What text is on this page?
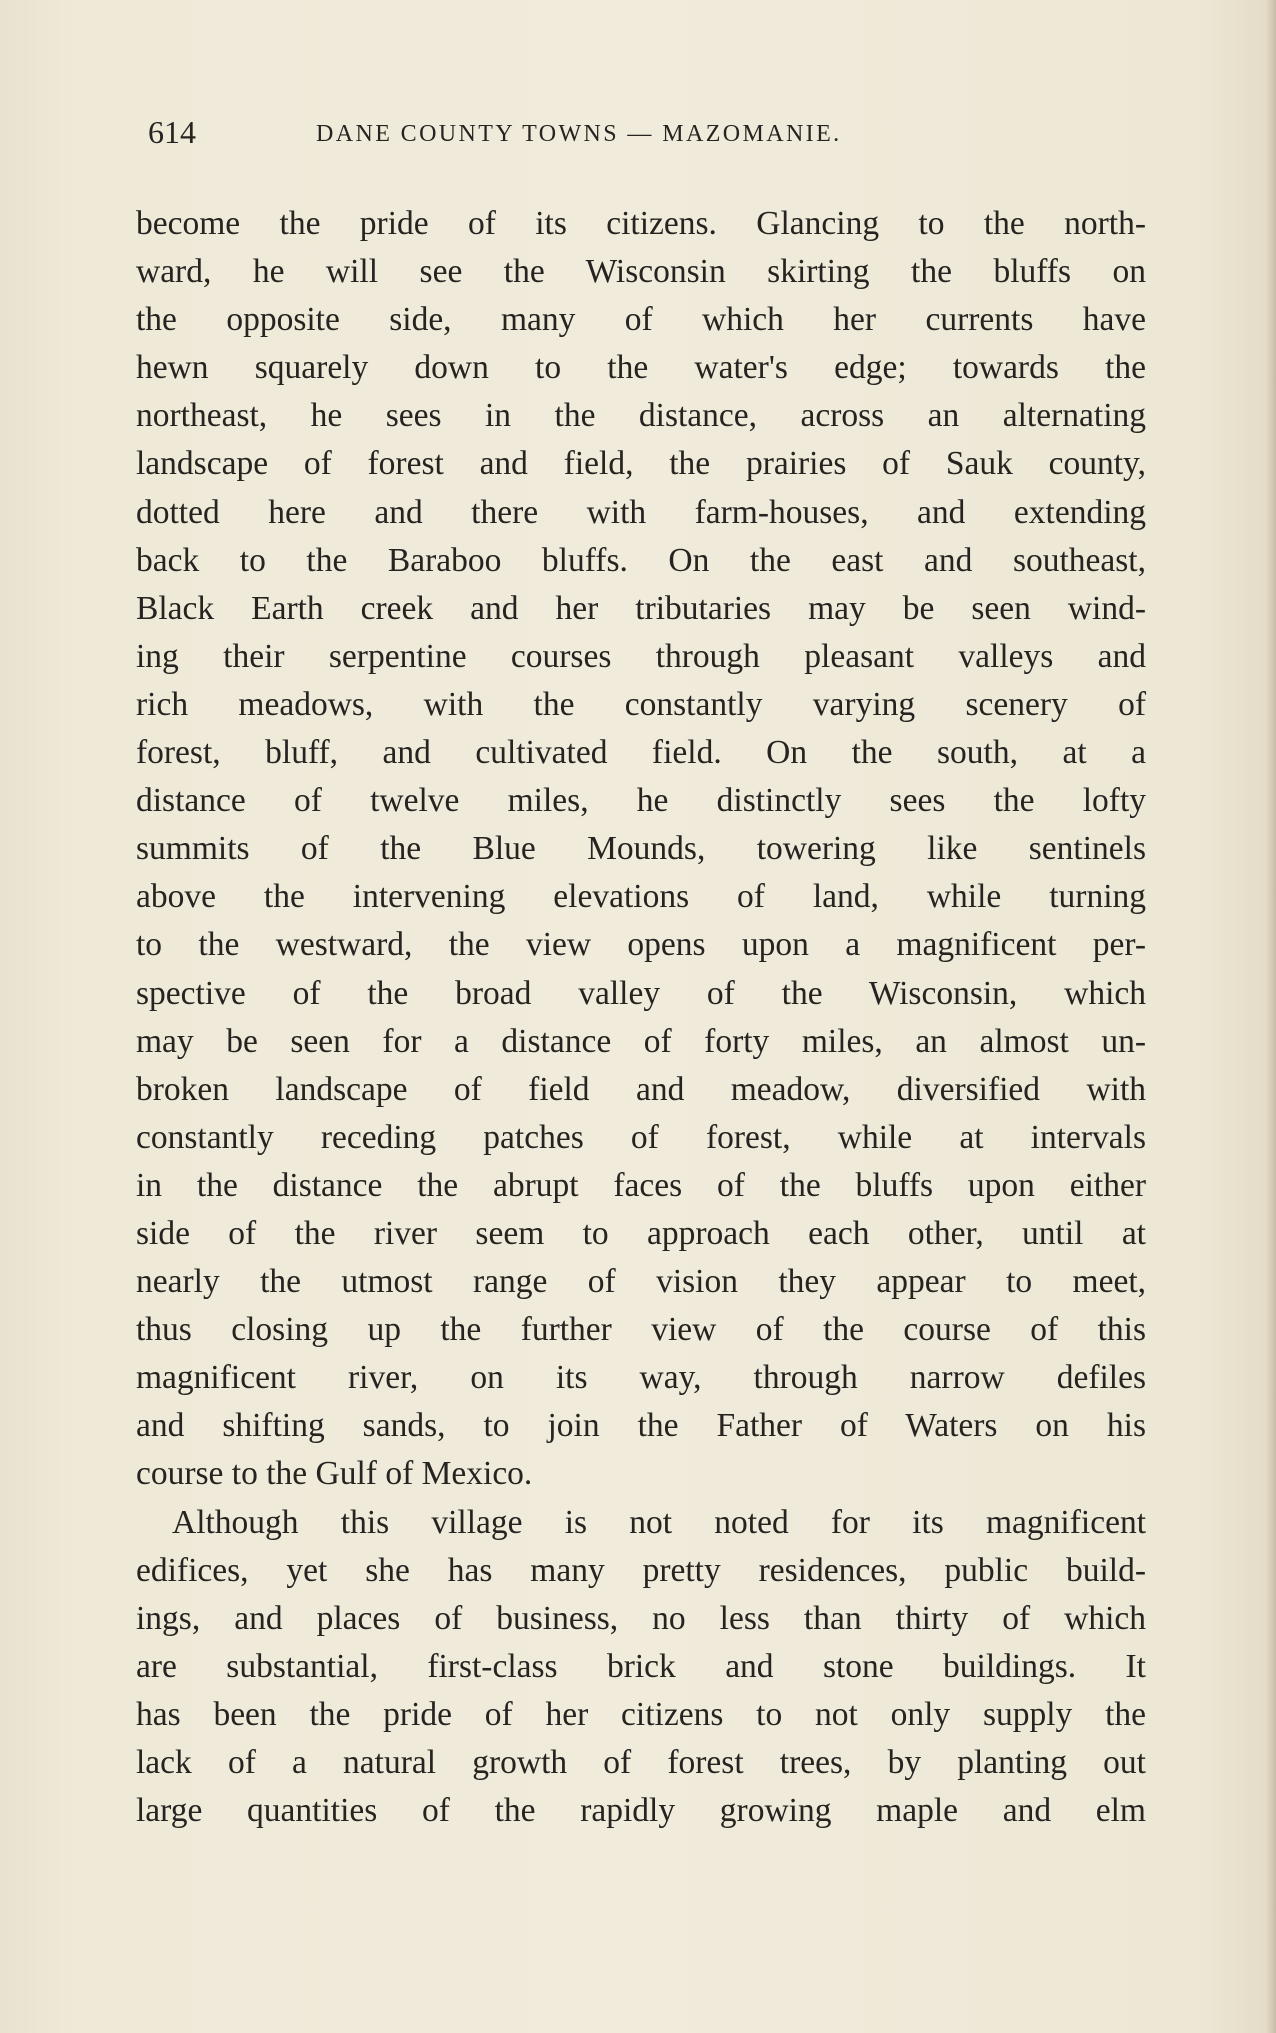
614	DANE COUNTY TOWNS — MAZOMANIE.
become the pride of its citizens. Glancing to the north-
ward, he will see the Wisconsin skirting the bluffs on
the opposite side, many of which her currents have
hewn squarely down to the water's edge; towards the
northeast, he sees in the distance, across an alternating
landscape of forest and field, the prairies of Sauk county,
dotted here and there with farm-houses, and extending
back to the Baraboo bluffs. On the east and southeast,
Black Earth creek and her tributaries may be seen wind-
ing their serpentine courses through pleasant valleys and
rich meadows, with the constantly varying scenery of
forest, bluff, and cultivated field. On the south, at a
distance of twelve miles, he distinctly sees the lofty
summits of the Blue Mounds, towering like sentinels
above the intervening elevations of land, while turning
to the westward, the view opens upon a magnificent per-
spective of the broad valley of the Wisconsin, which
may be seen for a distance of forty miles, an almost un-
broken landscape of field and meadow, diversified with
constantly receding patches of forest, while at intervals
in the distance the abrupt faces of the bluffs upon either
side of the river seem to approach each other, until at
nearly the utmost range of vision they appear to meet,
thus closing up the further view of the course of this
magnificent river, on its way, through narrow defiles
and shifting sands, to join the Father of Waters on his
course to the Gulf of Mexico.
Although this village is not noted for its magnificent
edifices, yet she has many pretty residences, public build-
ings, and places of business, no less than thirty of which
are substantial, first-class brick and stone buildings. It
has been the pride of her citizens to not only supply the
lack of a natural growth of forest trees, by planting out
large quantities of the rapidly growing maple and elm
